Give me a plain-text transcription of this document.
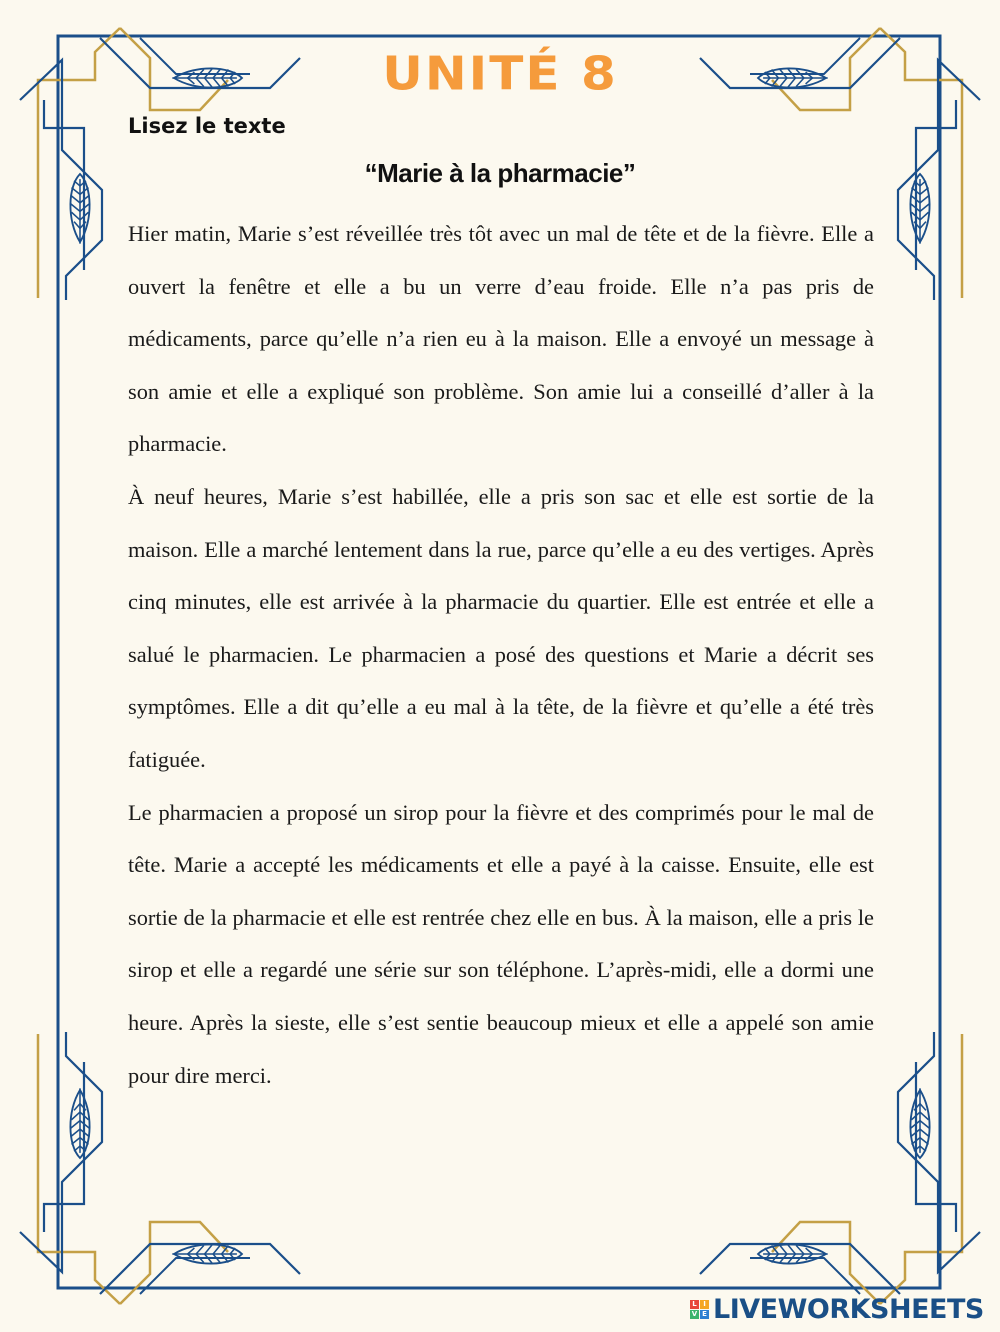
UNITÉ 8
Lisez le texte
“Marie à la pharmacie”

Hier matin, Marie s’est réveillée très tôt avec un mal de tête et de la fièvre. Elle a ouvert la fenêtre et elle a bu un verre d’eau froide. Elle n’a pas pris de médicaments, parce qu’elle n’a rien eu à la maison. Elle a envoyé un message à son amie et elle a expliqué son problème. Son amie lui a conseillé d’aller à la pharmacie.

À neuf heures, Marie s’est habillée, elle a pris son sac et elle est sortie de la maison. Elle a marché lentement dans la rue, parce qu’elle a eu des vertiges. Après cinq minutes, elle est arrivée à la pharmacie du quartier. Elle est entrée et elle a salué le pharmacien. Le pharmacien a posé des questions et Marie a décrit ses symptômes. Elle a dit qu’elle a eu mal à la tête, de la fièvre et qu’elle a été très fatiguée.

Le pharmacien a proposé un sirop pour la fièvre et des comprimés pour le mal de tête. Marie a accepté les médicaments et elle a payé à la caisse. Ensuite, elle est sortie de la pharmacie et elle est rentrée chez elle en bus. À la maison, elle a pris le sirop et elle a regardé une série sur son téléphone. L’après-midi, elle a dormi une heure. Après la sieste, elle s’est sentie beaucoup mieux et elle a appelé son amie pour dire merci.

L I
V E LIVEWORKSHEETS
